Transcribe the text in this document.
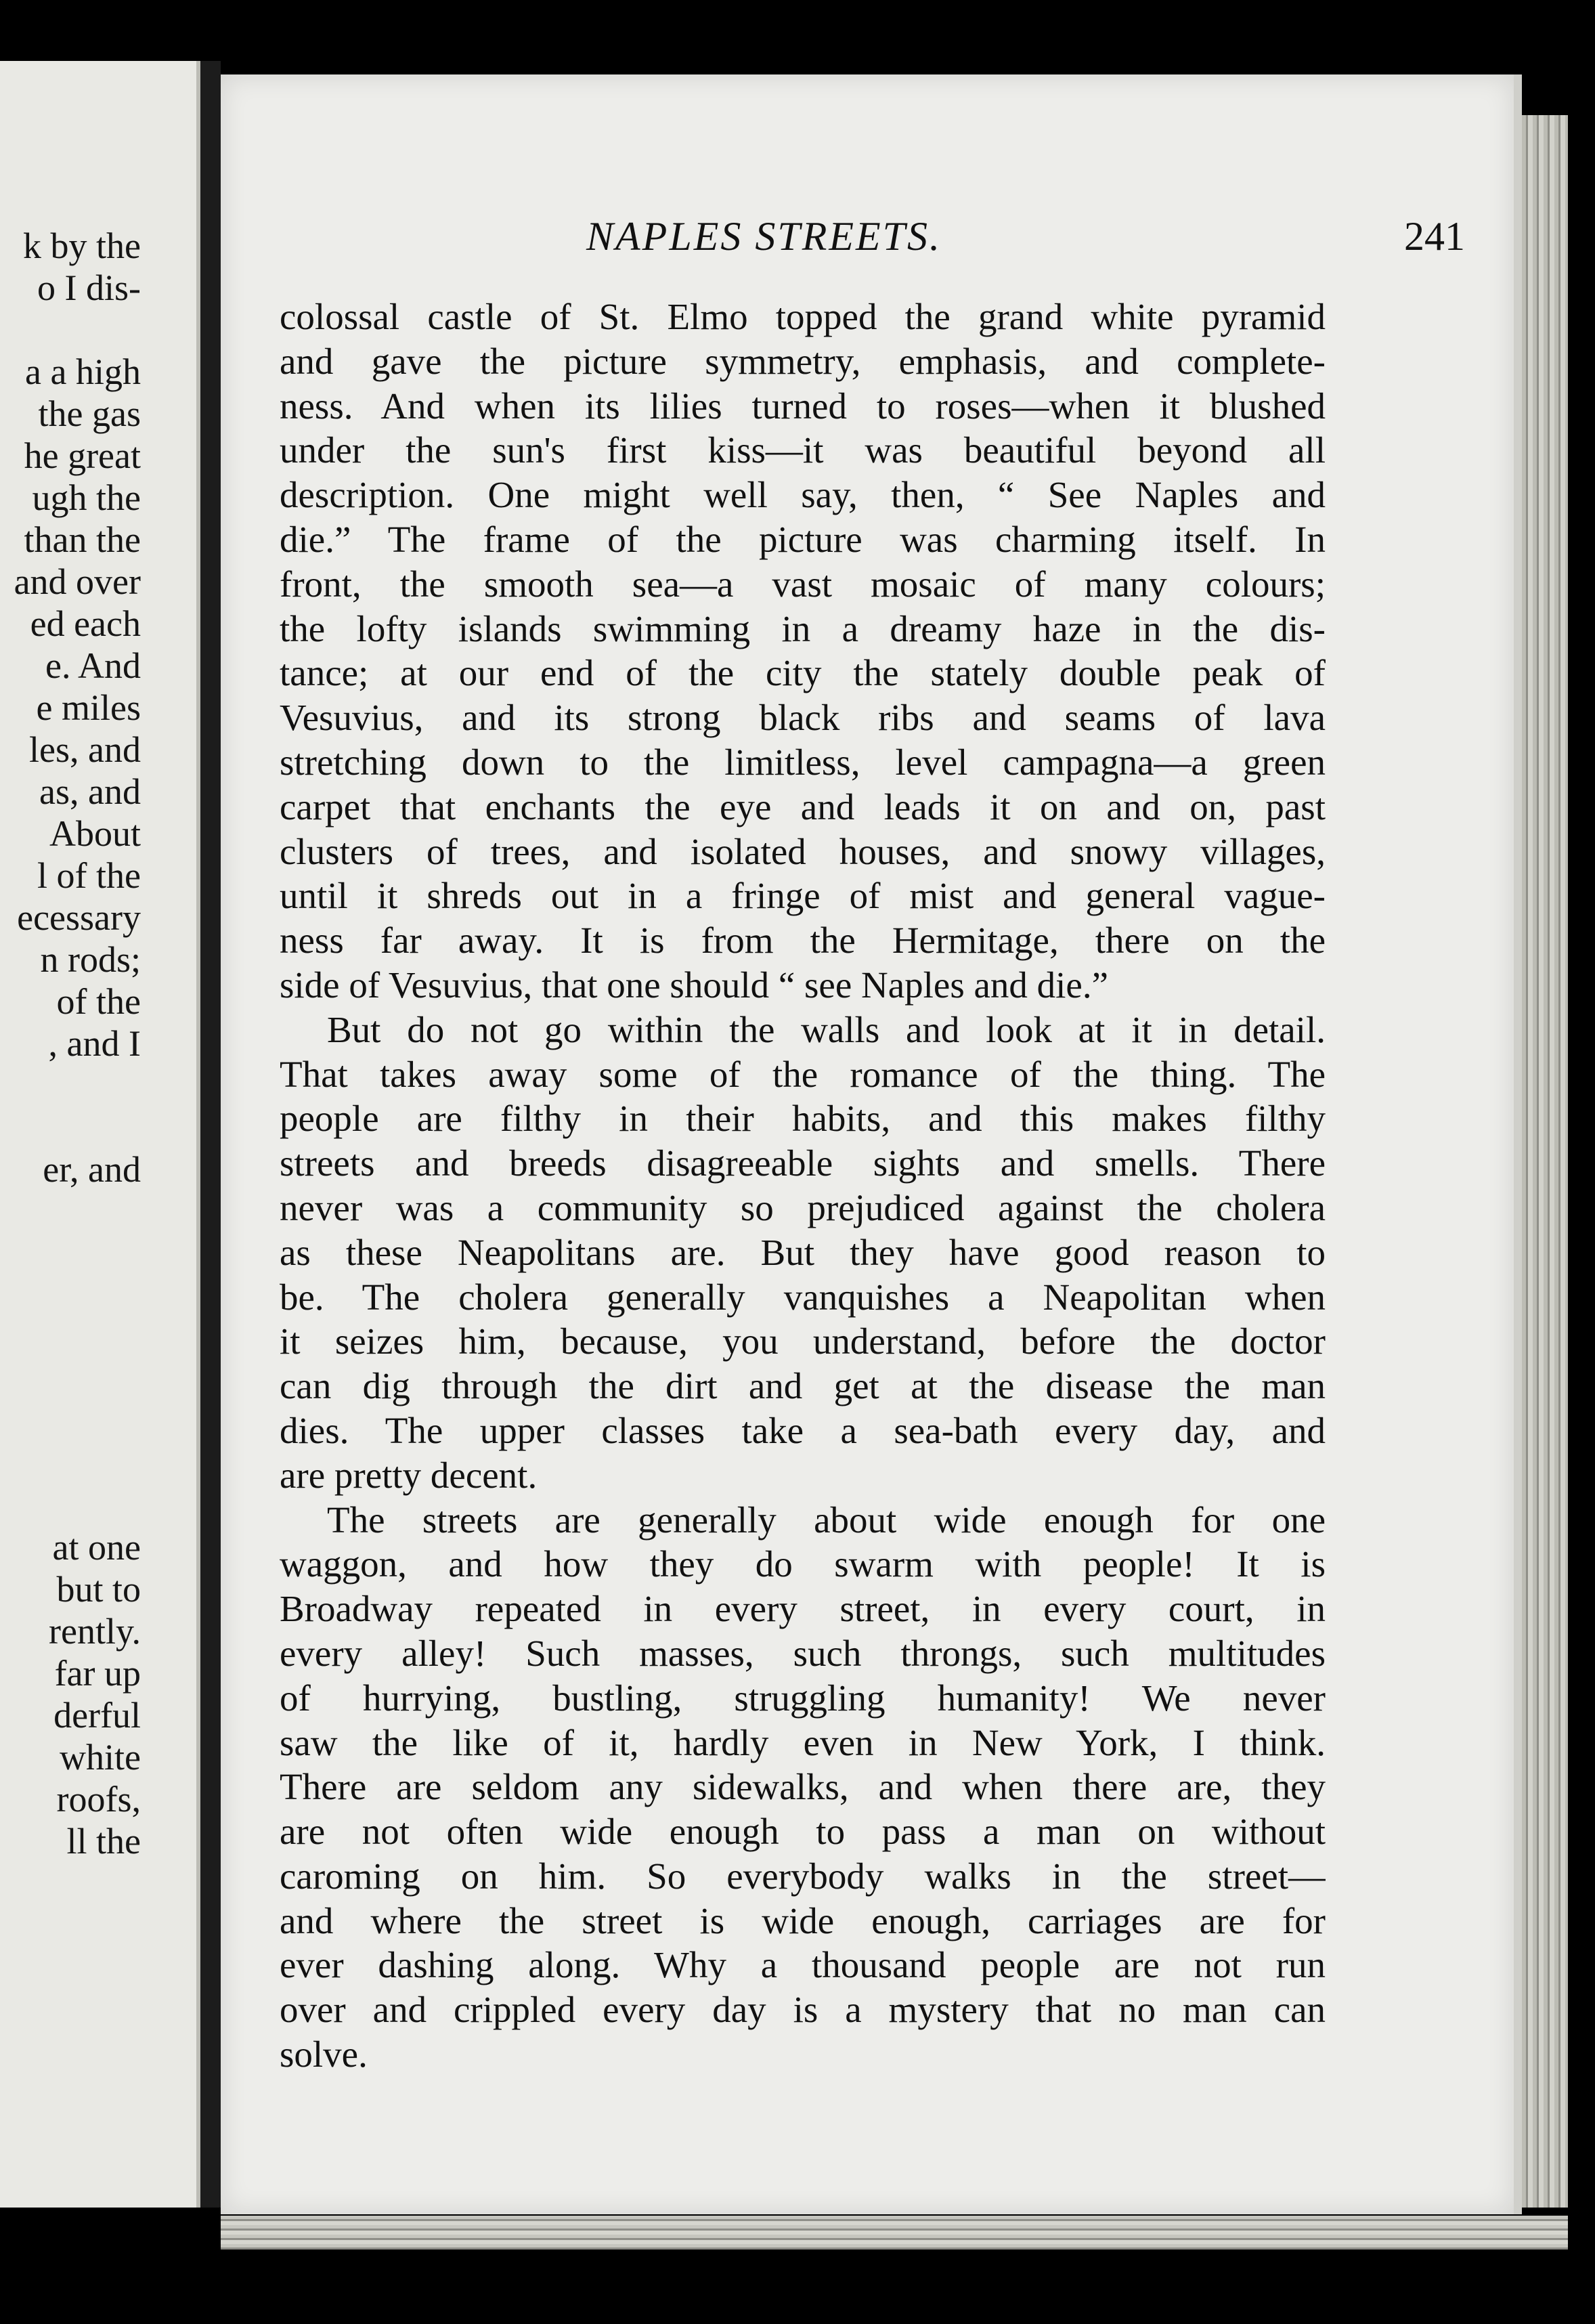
k by the
o I dis-
a a high
the gas
he great
ugh the
than the
and over
ed each
e. And
e miles
les, and
as, and
About
l of the
ecessary
n rods;
of the
, and I
er, and
at one
but to
rently.
far up
derful
white
roofs,
ll the
NAPLES STREETS.	241
colossal castle of St. Elmo topped the grand white pyramid
and gave the picture symmetry, emphasis, and complete-
ness. And when its lilies turned to roses—when it blushed
under the sun's first kiss—it was beautiful beyond all
description. One might well say, then, “ See Naples and
die.” The frame of the picture was charming itself. In
front, the smooth sea—a vast mosaic of many colours;
the lofty islands swimming in a dreamy haze in the dis-
tance; at our end of the city the stately double peak of
Vesuvius, and its strong black ribs and seams of lava
stretching down to the limitless, level campagna—a green
carpet that enchants the eye and leads it on and on, past
clusters of trees, and isolated houses, and snowy villages,
until it shreds out in a fringe of mist and general vague-
ness far away. It is from the Hermitage, there on the
side of Vesuvius, that one should “ see Naples and die.”
But do not go within the walls and look at it in detail.
That takes away some of the romance of the thing. The
people are filthy in their habits, and this makes filthy
streets and breeds disagreeable sights and smells. There
never was a community so prejudiced against the cholera
as these Neapolitans are. But they have good reason to
be. The cholera generally vanquishes a Neapolitan when
it seizes him, because, you understand, before the doctor
can dig through the dirt and get at the disease the man
dies. The upper classes take a sea-bath every day, and
are pretty decent.
The streets are generally about wide enough for one
waggon, and how they do swarm with people! It is
Broadway repeated in every street, in every court, in
every alley! Such masses, such throngs, such multitudes
of hurrying, bustling, struggling humanity! We never
saw the like of it, hardly even in New York, I think.
There are seldom any sidewalks, and when there are, they
are not often wide enough to pass a man on without
caroming on him. So everybody walks in the street—
and where the street is wide enough, carriages are for
ever dashing along. Why a thousand people are not run
over and crippled every day is a mystery that no man can
solve.
